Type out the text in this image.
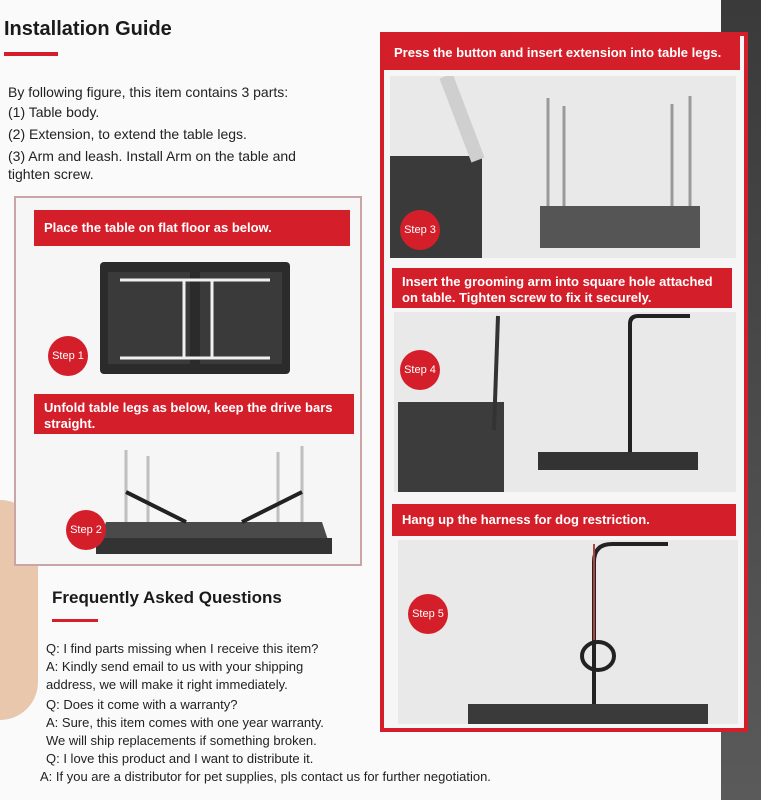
Installation Guide
By following figure, this item contains 3 parts:
(1) Table body.
(2) Extension, to extend the table legs.
(3) Arm and leash. Install Arm on the table and
tighten screw.
Place the table on flat floor as below.
Step 1
Unfold table legs as below, keep the drive bars straight.
Step 2
Press the button and insert extension into table legs.
Step 3
Insert the grooming arm into square hole attached on table. Tighten screw to fix it securely.
Step 4
Hang up the harness for dog restriction.
Step 5
Frequently Asked Questions
Q: I find parts missing when I receive this item?
A: Kindly send email to us with your shipping
address, we will make it right immediately.
Q: Does it come with a warranty?
A: Sure, this item comes with one year warranty.
We will ship replacements if something broken.
Q: I love this product and I want to distribute it.
A: If you are a distributor for pet supplies, pls contact us for further negotiation.
